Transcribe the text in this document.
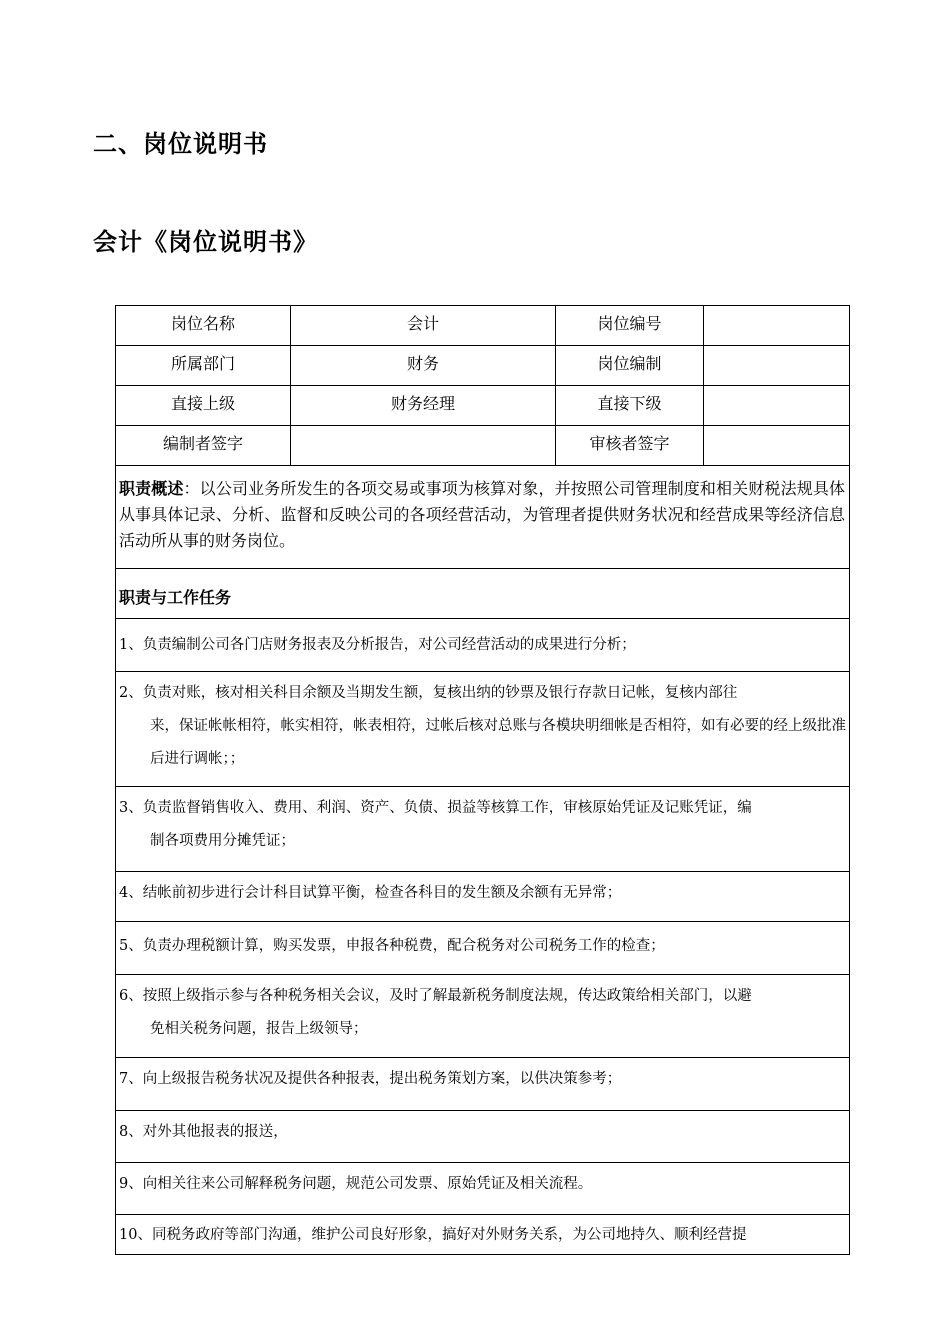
二、岗位说明书
会计《岗位说明书》
岗位名称	会计	岗位编号	
所属部门	财务	岗位编制	
直接上级	财务经理	直接下级	
编制者签字		审核者签字	
职责概述：以公司业务所发生的各项交易或事项为核算对象，并按照公司管理制度和相关财税法规具体从事具体记录、分析、监督和反映公司的各项经营活动，为管理者提供财务状况和经营成果等经济信息活动所从事的财务岗位。			
职责与工作任务			
1、负责编制公司各门店财务报表及分析报告，对公司经营活动的成果进行分析；			
2、负责对账，核对相关科目余额及当期发生额，复核出纳的钞票及银行存款日记帐，复核内部往
来，保证帐帐相符，帐实相符，帐表相符，过帐后核对总账与各模块明细帐是否相符，如有必要的经上级批准后进行调帐；；			

3、负责监督销售收入、费用、利润、资产、负债、损益等核算工作，审核原始凭证及记账凭证，编
制各项费用分摊凭证；			

4、结帐前初步进行会计科目试算平衡，检查各科目的发生额及余额有无异常；			
5、负责办理税额计算，购买发票，申报各种税费，配合税务对公司税务工作的检查；			
6、按照上级指示参与各种税务相关会议，及时了解最新税务制度法规，传达政策给相关部门，以避
免相关税务问题，报告上级领导；			

7、向上级报告税务状况及提供各种报表，提出税务策划方案，以供决策参考；			
8、对外其他报表的报送，			
9、向相关往来公司解释税务问题，规范公司发票、原始凭证及相关流程。			
10、同税务政府等部门沟通，维护公司良好形象，搞好对外财务关系，为公司地持久、顺利经营提			
